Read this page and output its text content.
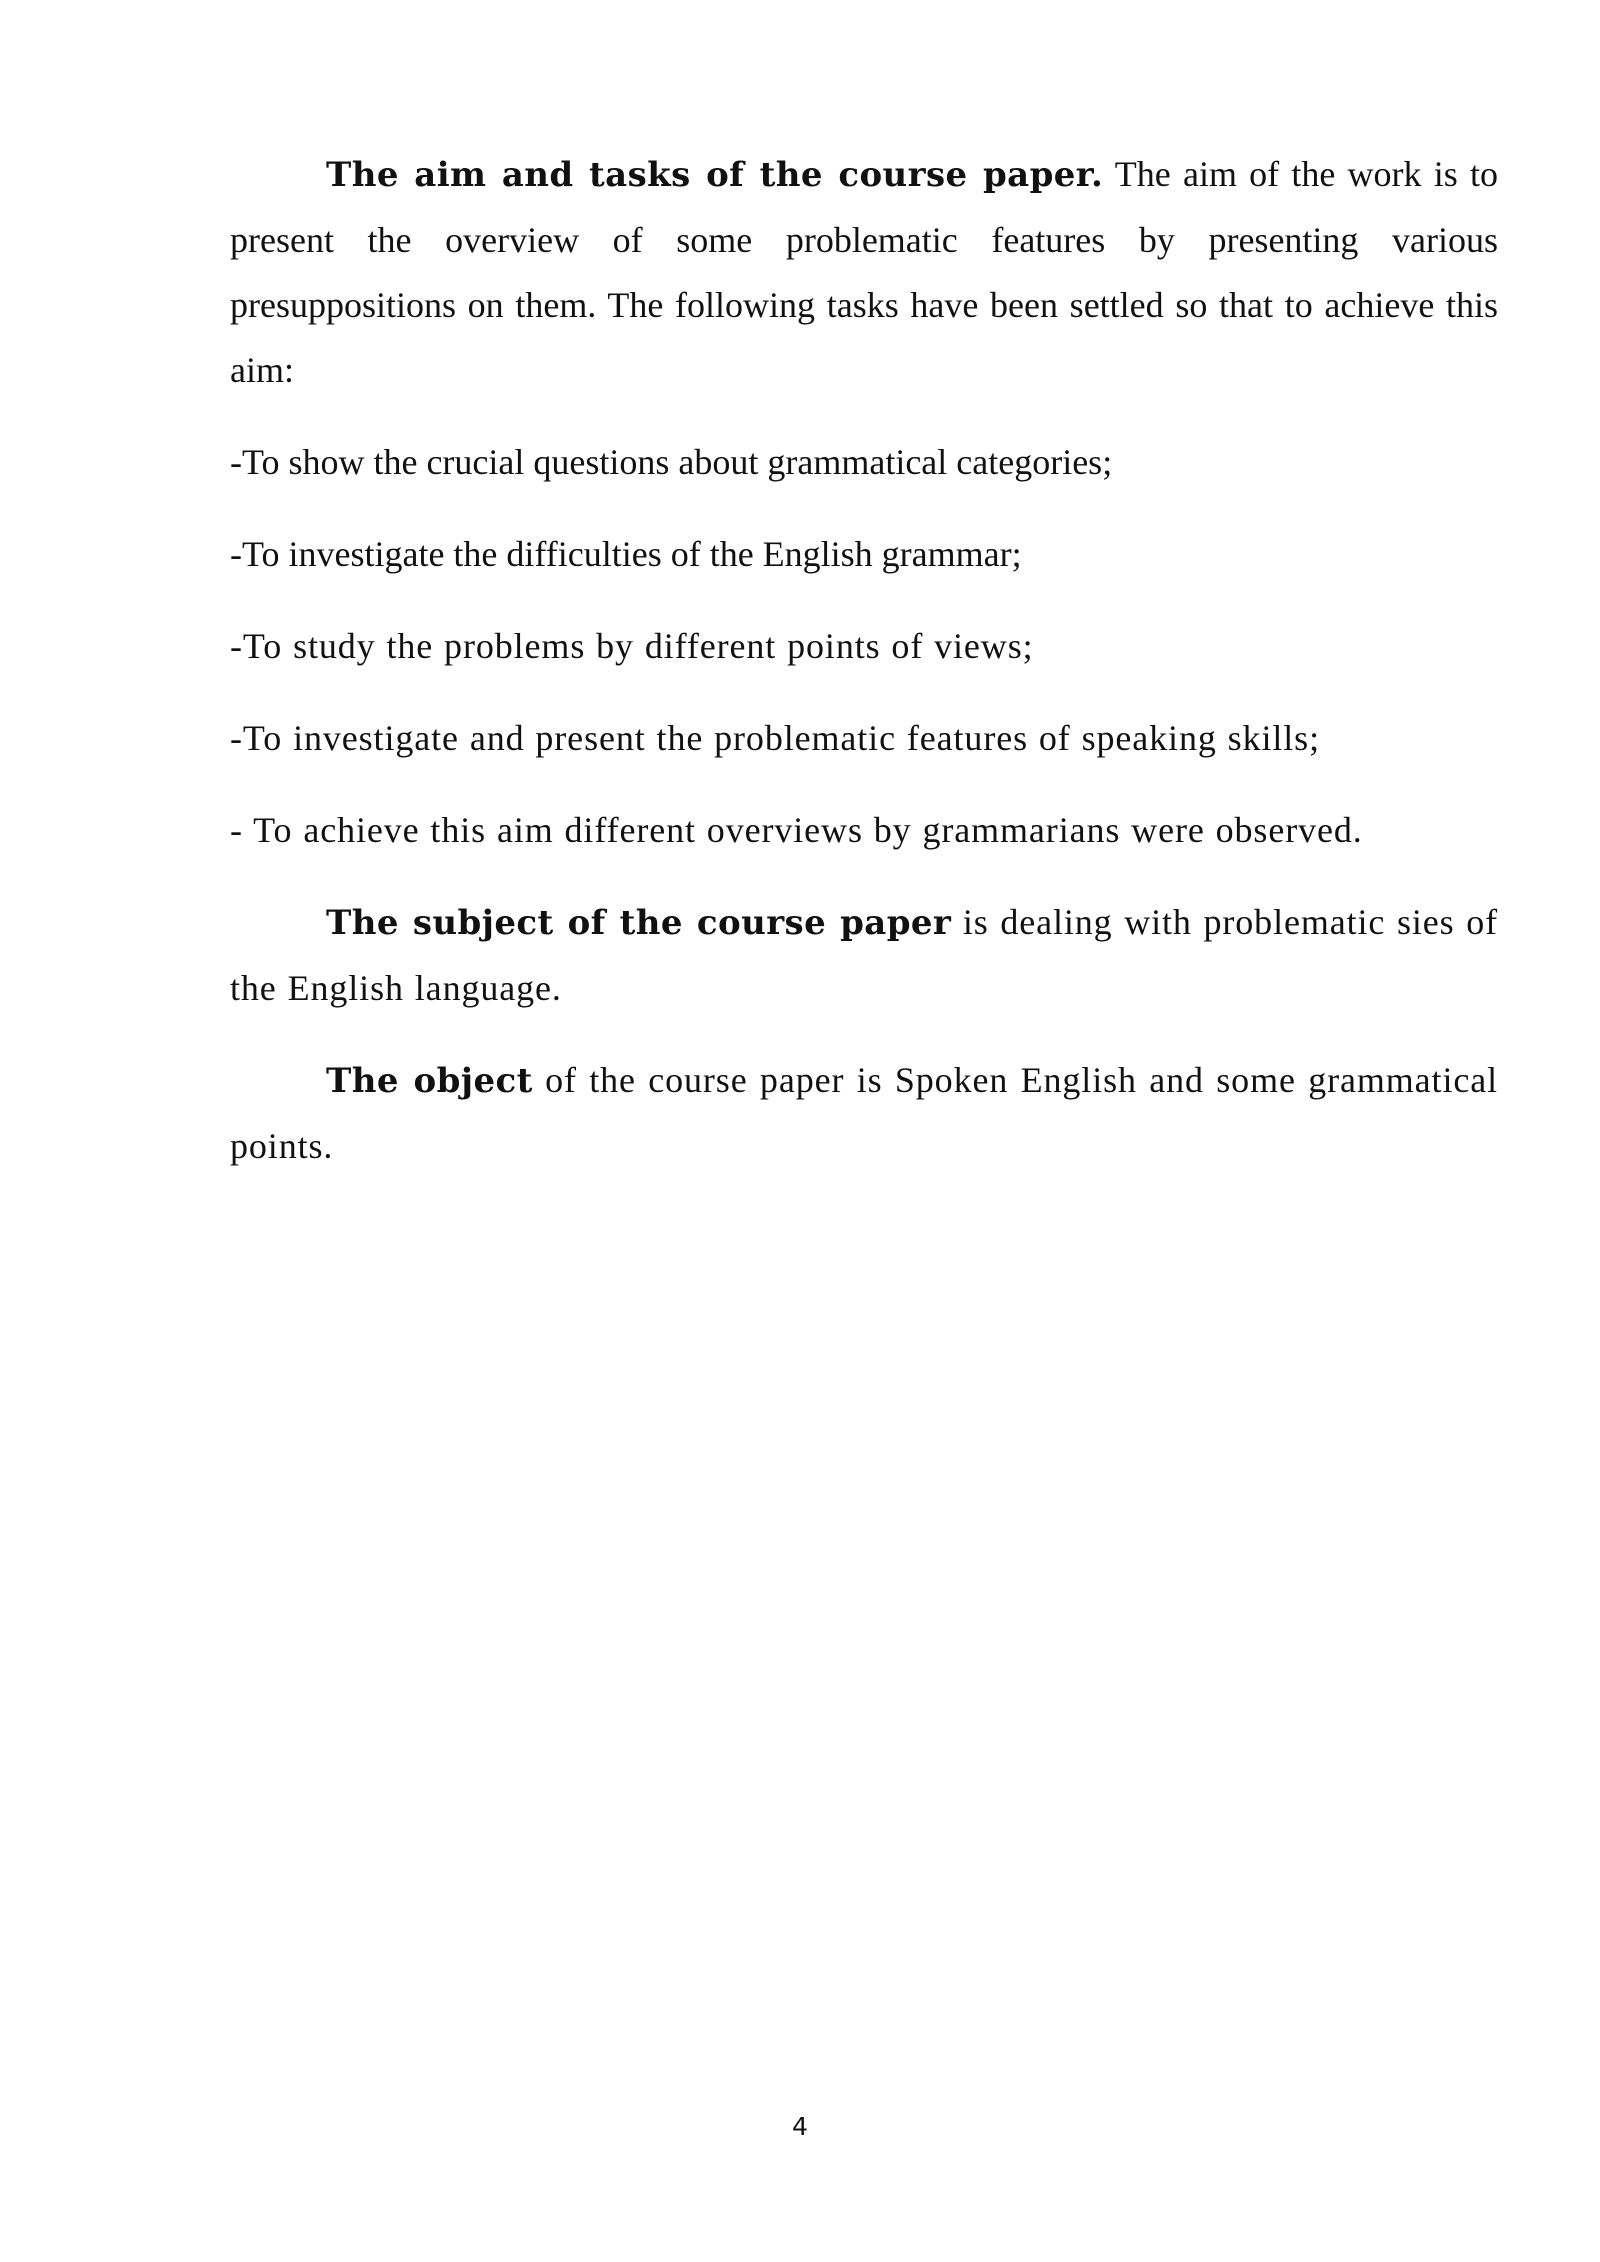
The aim and tasks of the course paper. The aim of the work is to present the overview of some problematic features by presenting various presuppositions on them. The following tasks have been settled so that to achieve this aim:

-To show the crucial questions about grammatical categories;

-To investigate the difficulties of the English grammar;

-To study the problems by different points of views;

-To investigate and present the problematic features of speaking skills;

- To achieve this aim different overviews by grammarians were observed.

The subject of the course paper is dealing with problematic sies of the English language.

The object of the course paper is Spoken English and some grammatical points.

4
